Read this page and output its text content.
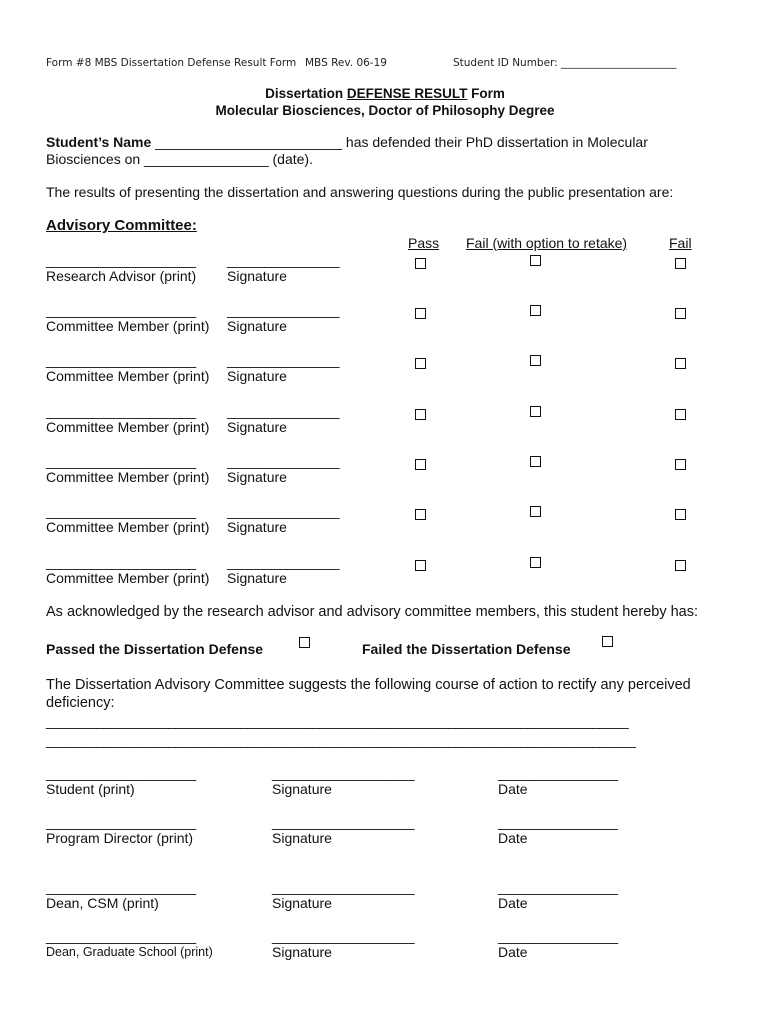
Form #8 MBS Dissertation Defense Result Form MBS Rev. 06-19	Student ID Number: ______________________
Dissertation DEFENSE RESULT Form
Molecular Biosciences, Doctor of Philosophy Degree
Student’s Name ________________________ has defended their PhD dissertation in Molecular
Biosciences on ________________ (date).
The results of presenting the dissertation and answering questions during the public presentation are:
Advisory Committee:
Pass Fail (with option to retake)	Fail
____________________ _______________
Research Advisor (print) Signature
____________________ _______________
Committee Member (print) Signature
____________________ _______________
Committee Member (print) Signature
____________________ _______________
Committee Member (print) Signature
____________________ _______________
Committee Member (print) Signature
____________________ _______________
Committee Member (print) Signature
____________________ _______________
Committee Member (print) Signature
As acknowledged by the research advisor and advisory committee members, this student hereby has:
Passed the Dissertation Defense	Failed the Dissertation Defense
The Dissertation Advisory Committee suggests the following course of action to rectify any perceived
deficiency:
_________________________________________________________________________________
__________________________________________________________________________________
____________________	___________________	________________
Student (print)	Signature	Date
____________________	___________________	________________
Program Director (print)	Signature	Date
____________________	___________________	________________
Dean, CSM (print)	Signature	Date
____________________	___________________	________________
Dean, Graduate School (print)	Signature	Date
